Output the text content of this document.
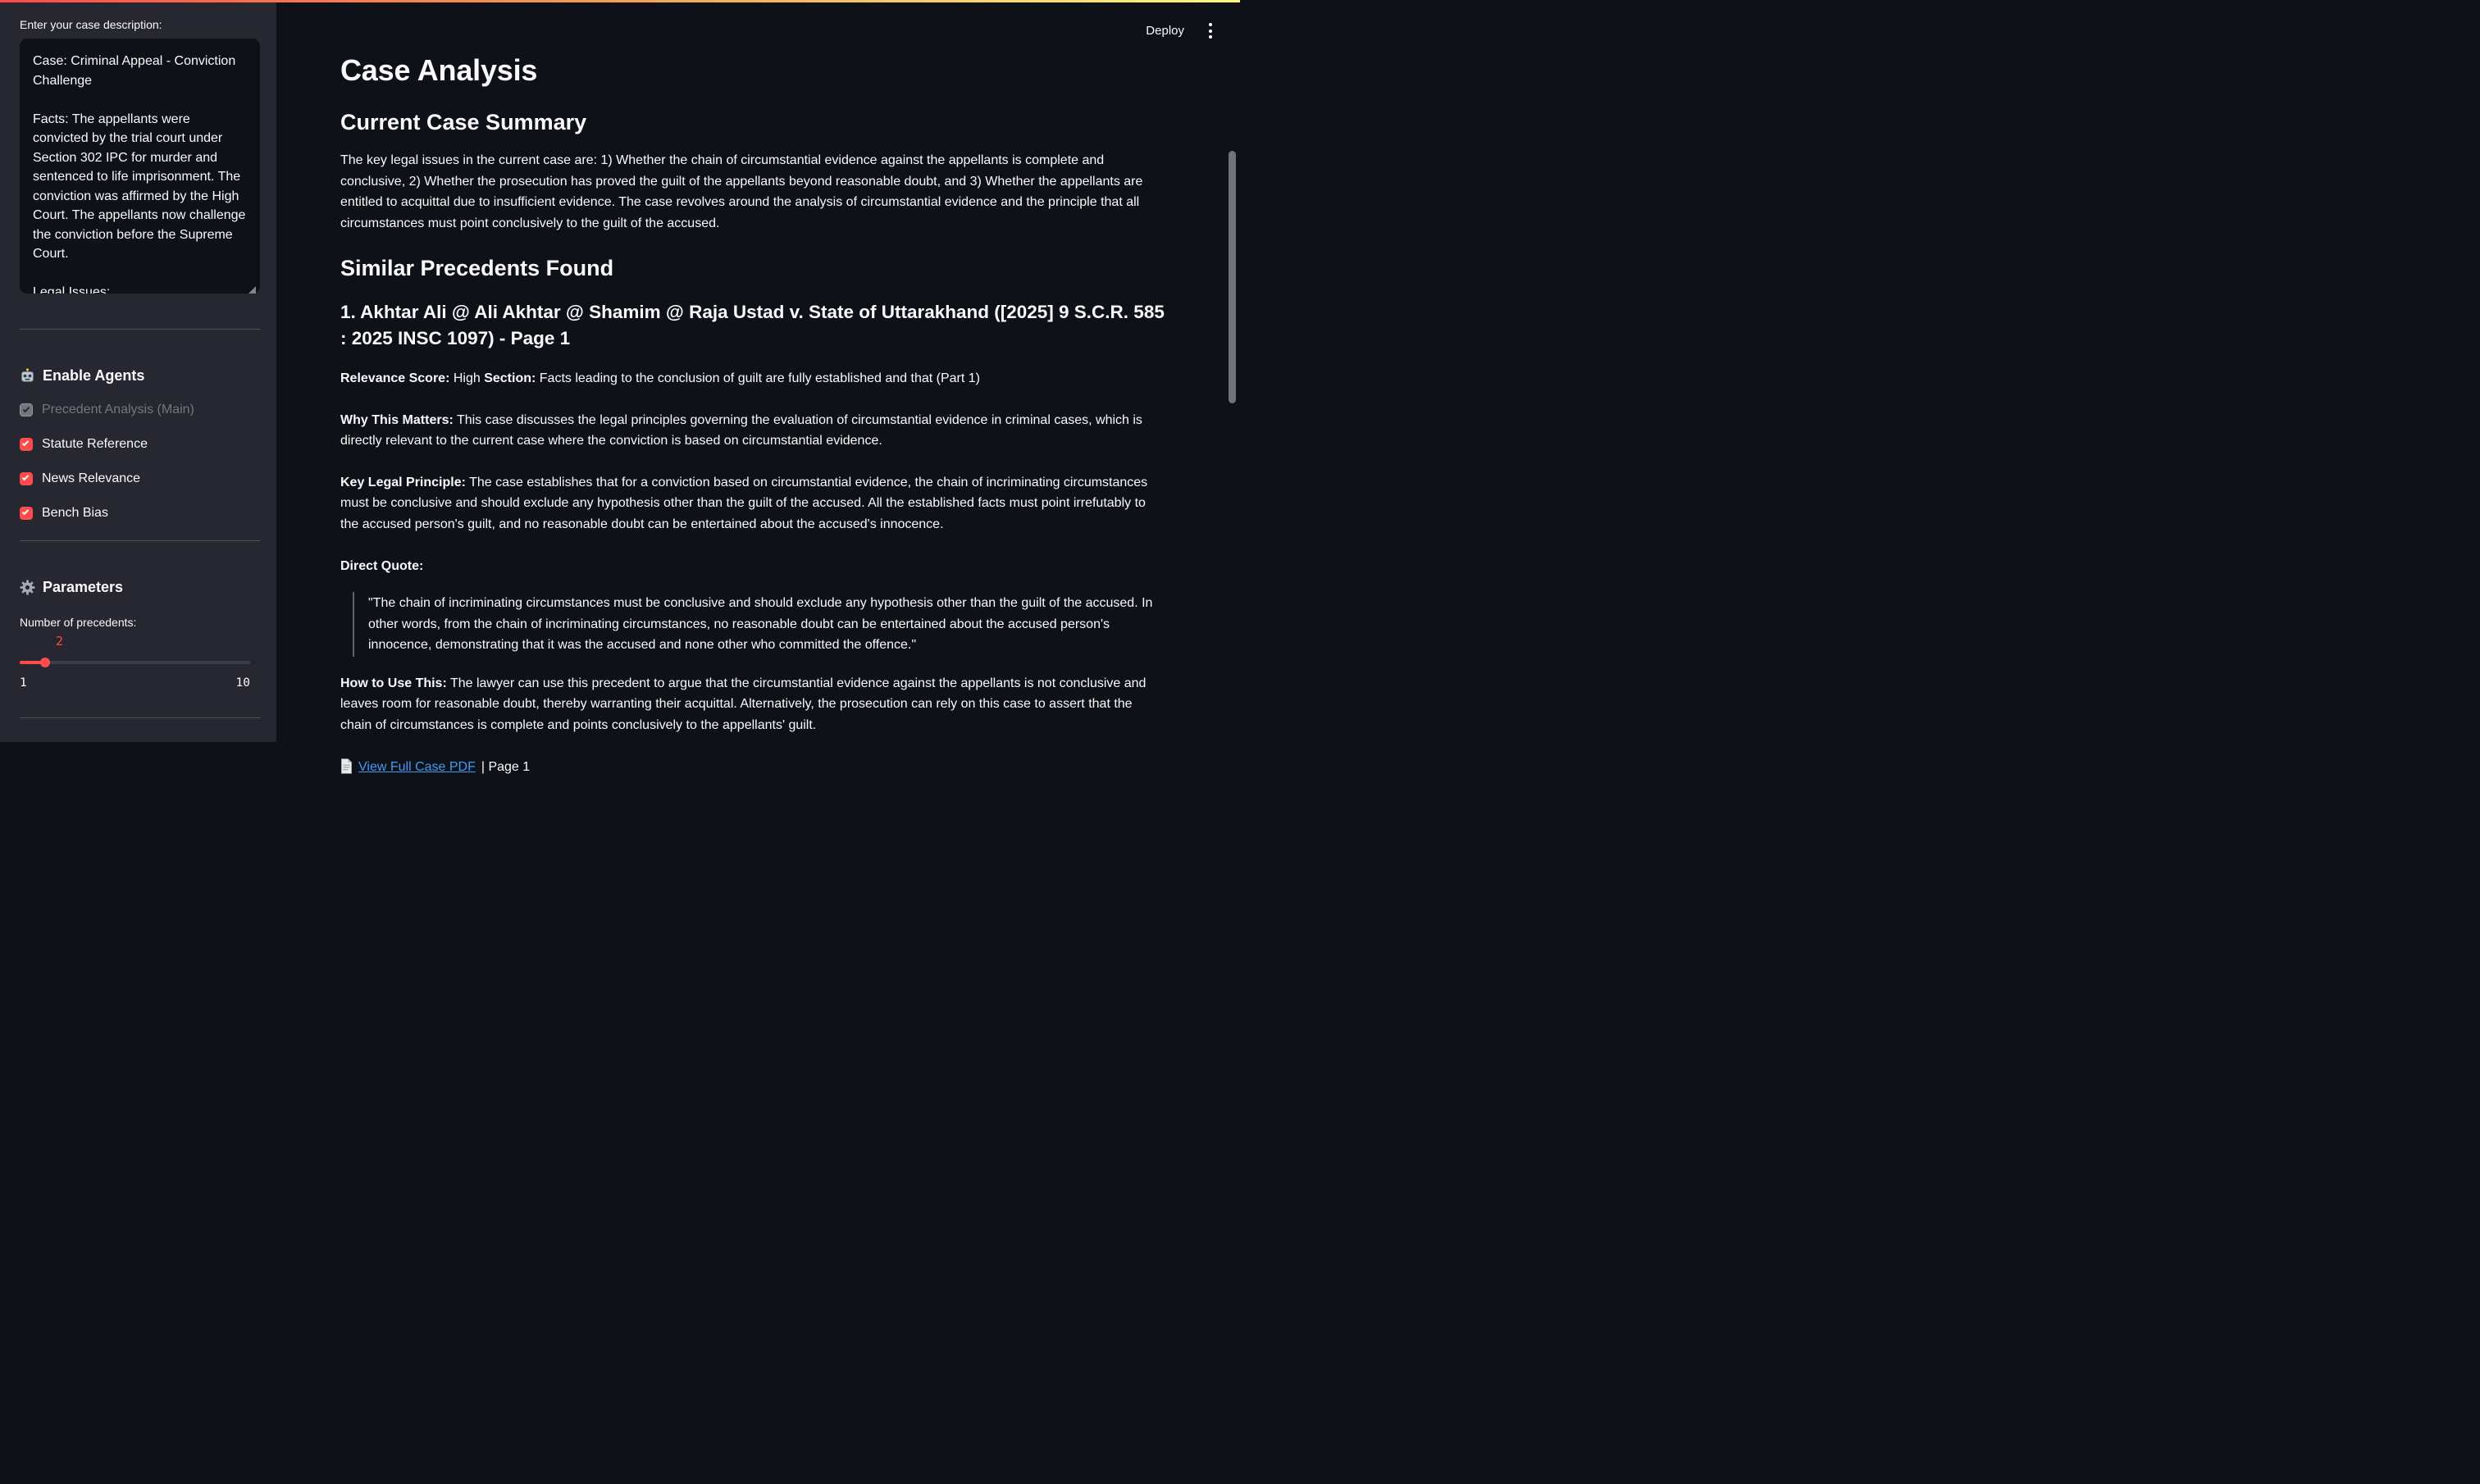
Deploy
Enter your case description:
Case: Criminal Appeal - Conviction Challenge Facts: The appellants were convicted by the trial court under Section 302 IPC for murder and sentenced to life imprisonment. The conviction was affirmed by the High Court. The appellants now challenge the conviction before the Supreme Court. Legal Issues:
Enable Agents
Precedent Analysis (Main)
Statute Reference
News Relevance
Bench Bias
Parameters
Number of precedents:
2
1	10
Case Analysis
Current Case Summary

The key legal issues in the current case are: 1) Whether the chain of circumstantial evidence against the appellants is complete and conclusive, 2) Whether the prosecution has proved the guilt of the appellants beyond reasonable doubt, and 3) Whether the appellants are entitled to acquittal due to insufficient evidence. The case revolves around the analysis of circumstantial evidence and the principle that all circumstances must point conclusively to the guilt of the accused.

Similar Precedents Found
1. Akhtar Ali @ Ali Akhtar @ Shamim @ Raja Ustad v. State of Uttarakhand ([2025] 9 S.C.R. 585 : 2025 INSC 1097) - Page 1

Relevance Score: High Section: Facts leading to the conclusion of guilt are fully established and that (Part 1)

Why This Matters: This case discusses the legal principles governing the evaluation of circumstantial evidence in criminal cases, which is directly relevant to the current case where the conviction is based on circumstantial evidence.

Key Legal Principle: The case establishes that for a conviction based on circumstantial evidence, the chain of incriminating circumstances must be conclusive and should exclude any hypothesis other than the guilt of the accused. All the established facts must point irrefutably to the accused person's guilt, and no reasonable doubt can be entertained about the accused's innocence.

Direct Quote:

"The chain of incriminating circumstances must be conclusive and should exclude any hypothesis other than the guilt of the accused. In other words, from the chain of incriminating circumstances, no reasonable doubt can be entertained about the accused person's innocence, demonstrating that it was the accused and none other who committed the offence."

How to Use This: The lawyer can use this precedent to argue that the circumstantial evidence against the appellants is not conclusive and leaves room for reasonable doubt, thereby warranting their acquittal. Alternatively, the prosecution can rely on this case to assert that the chain of circumstances is complete and points conclusively to the appellants' guilt.

View Full Case PDF | Page 1
